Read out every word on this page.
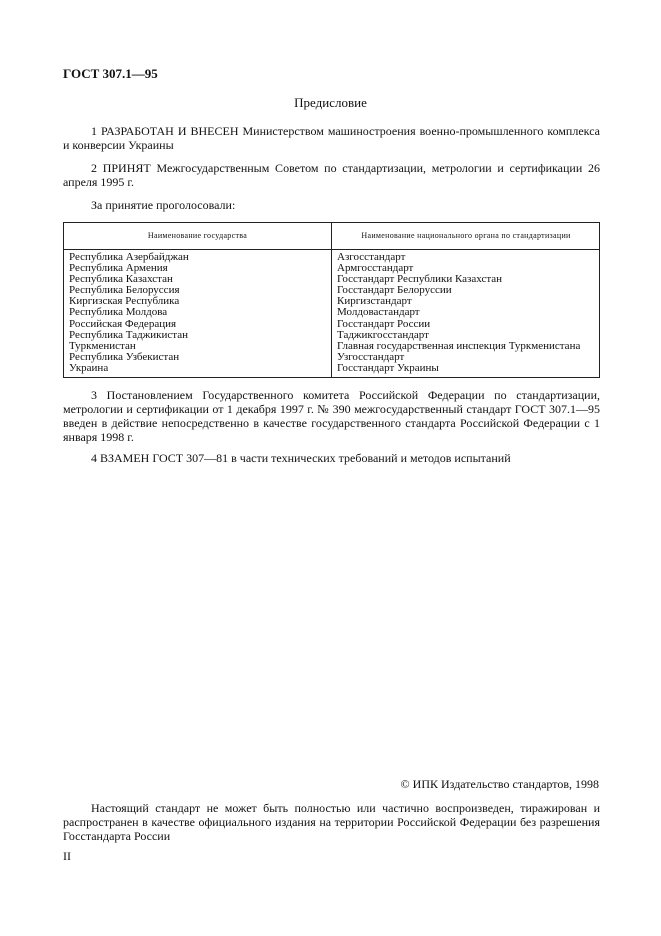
ГОСТ 307.1—95
Предисловие

1 РАЗРАБОТАН И ВНЕСЕН Министерством машиностроения военно-промышленного комплекса и конверсии Украины

2 ПРИНЯТ Межгосударственным Советом по стандартизации, метрологии и сертификации 26 апреля 1995 г.

За принятие проголосовали:

Наименование государства	Наименование национального органа по стандартизации
Республика Азербайджан
Республика Армения
Республика Казахстан
Республика Белоруссия
Киргизская Республика
Республика Молдова
Российская Федерация
Республика Таджикистан
Туркменистан
Республика Узбекистан
Украина
Азгосстандарт
Армгосстандарт
Госстандарт Республики Казахстан
Госстандарт Белоруссии
Киргизстандарт
Молдовастандарт
Госстандарт России
Таджикгосстандарт
Главная государственная инспекция Туркменистана
Узгосстандарт
Госстандарт Украины

3 Постановлением Государственного комитета Российской Федерации по стандартизации, метрологии и сертификации от 1 декабря 1997 г. № 390 межгосударственный стандарт ГОСТ 307.1—95 введен в действие непосредственно в качестве государственного стандарта Российской Федерации с 1 января 1998 г.

4 ВЗАМЕН ГОСТ 307—81 в части технических требований и методов испытаний

© ИПК Издательство стандартов, 1998

Настоящий стандарт не может быть полностью или частично воспроизведен, тиражирован и распространен в качестве официального издания на территории Российской Федерации без разрешения Госстандарта России

II
